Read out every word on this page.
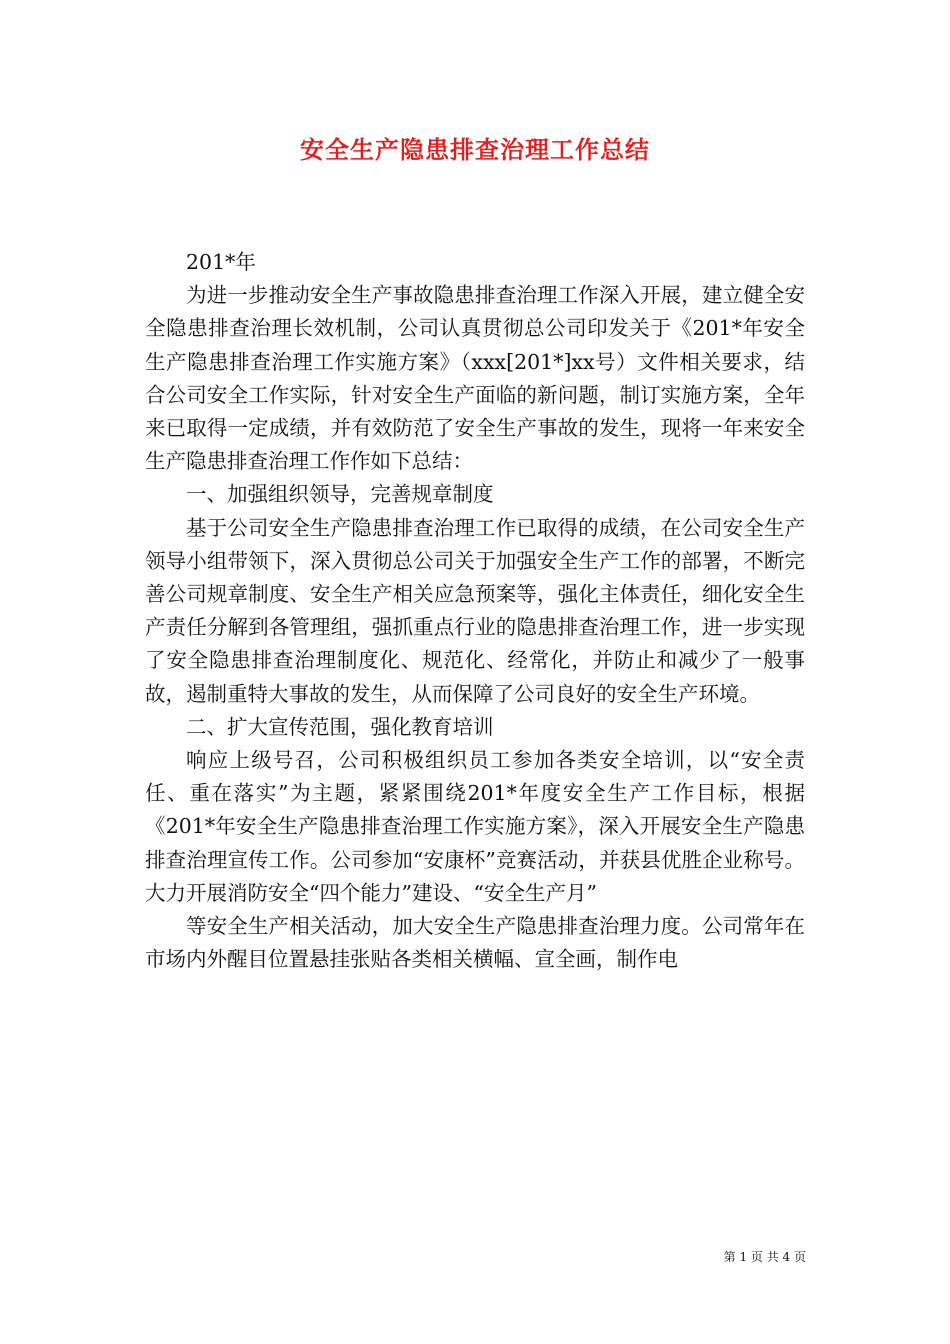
安全生产隐患排查治理工作总结

201*年

为进一步推动安全生产事故隐患排查治理工作深入开展，建立健全安全隐患排查治理长效机制，公司认真贯彻总公司印发关于《201*年安全生产隐患排查治理工作实施方案》（xxx[201*]xx号）文件相关要求，结合公司安全工作实际，针对安全生产面临的新问题，制订实施方案，全年来已取得一定成绩，并有效防范了安全生产事故的发生，现将一年来安全生产隐患排查治理工作作如下总结：

一、加强组织领导，完善规章制度

基于公司安全生产隐患排查治理工作已取得的成绩，在公司安全生产领导小组带领下，深入贯彻总公司关于加强安全生产工作的部署，不断完善公司规章制度、安全生产相关应急预案等，强化主体责任，细化安全生产责任分解到各管理组，强抓重点行业的隐患排查治理工作，进一步实现了安全隐患排查治理制度化、规范化、经常化，并防止和减少了一般事故，遏制重特大事故的发生，从而保障了公司良好的安全生产环境。

二、扩大宣传范围，强化教育培训

响应上级号召，公司积极组织员工参加各类安全培训，以“安全责任、重在落实”为主题，紧紧围绕201*年度安全生产工作目标，根据《201*年安全生产隐患排查治理工作实施方案》，深入开展安全生产隐患排查治理宣传工作。公司参加“安康杯”竞赛活动，并获县优胜企业称号。大力开展消防安全“四个能力”建设、“安全生产月”

等安全生产相关活动，加大安全生产隐患排查治理力度。公司常年在市场内外醒目位置悬挂张贴各类相关横幅、宣全画，制作电

第 1 页 共 4 页
